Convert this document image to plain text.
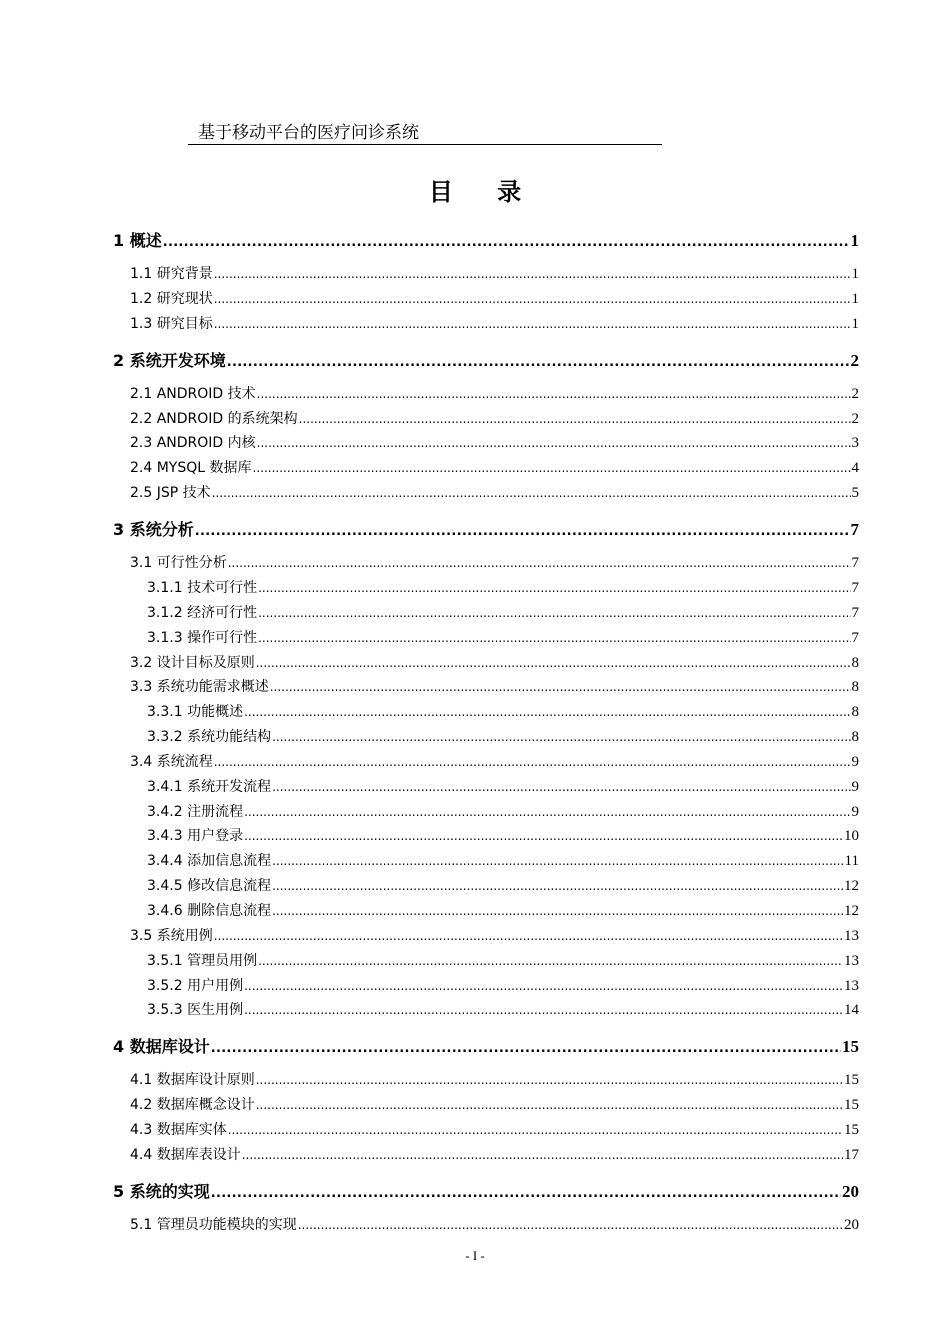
基于移动平台的医疗问诊系统
目 录
1 概述 .....	1
1.1 研究背景 .....	1
1.2 研究现状 .....	1
1.3 研究目标 .....	1
2 系统开发环境 .....	2
2.1 ANDROID 技术 .....	2
2.2 ANDROID 的系统架构 .....	2
2.3 ANDROID 内核 .....	3
2.4 MYSQL 数据库 .....	4
2.5 JSP 技术 .....	5
3 系统分析 .....	7
3.1 可行性分析 .....	7
3.1.1 技术可行性 .....	7
3.1.2 经济可行性 .....	7
3.1.3 操作可行性 .....	7
3.2 设计目标及原则 .....	8
3.3 系统功能需求概述 .....	8
3.3.1 功能概述 .....	8
3.3.2 系统功能结构 .....	8
3.4 系统流程 .....	9
3.4.1 系统开发流程 .....	9
3.4.2 注册流程 .....	9
3.4.3 用户登录 .....	10
3.4.4 添加信息流程 .....	11
3.4.5 修改信息流程 .....	12
3.4.6 删除信息流程 .....	12
3.5 系统用例 .....	13
3.5.1 管理员用例 .....	13
3.5.2 用户用例 .....	13
3.5.3 医生用例 .....	14
4 数据库设计 .....	15
4.1 数据库设计原则 .....	15
4.2 数据库概念设计 .....	15
4.3 数据库实体 .....	15
4.4 数据库表设计 .....	17
5 系统的实现 .....	20
5.1 管理员功能模块的实现 .....	20
- I -
